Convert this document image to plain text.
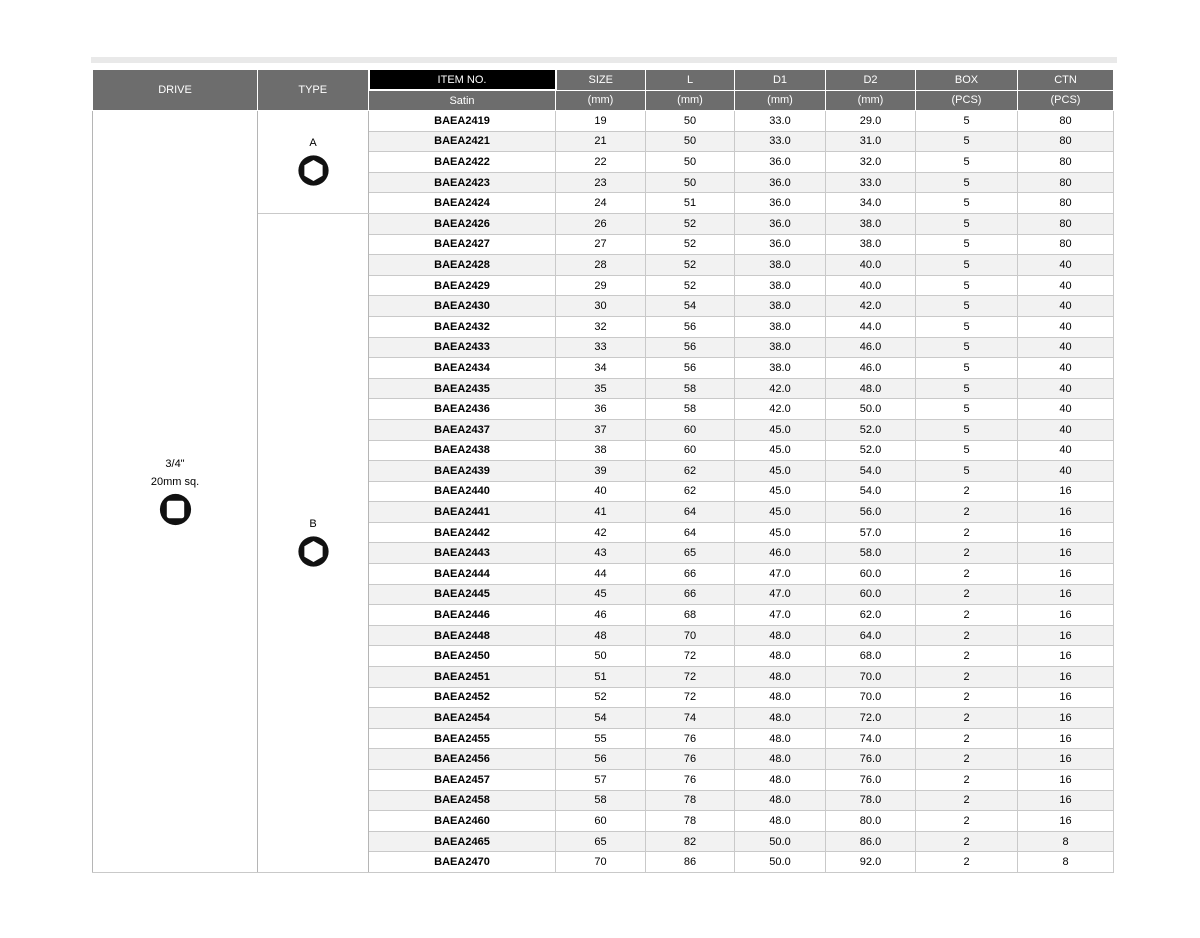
DRIVE	TYPE	ITEM NO.	SIZE	L	D1	D2	BOX	CTN
		Satin	(mm)	(mm)	(mm)	(mm)	(PCS)	(PCS)

3/4"
20mm sq.	A	BAEA2419	19	50	33.0	29.0	5	80
		BAEA2421	21	50	33.0	31.0	5	80
		BAEA2422	22	50	36.0	32.0	5	80
		BAEA2423	23	50	36.0	33.0	5	80
		BAEA2424	24	51	36.0	34.0	5	80

	B	BAEA2426	26	52	36.0	38.0	5	80
		BAEA2427	27	52	36.0	38.0	5	80
		BAEA2428	28	52	38.0	40.0	5	40
		BAEA2429	29	52	38.0	40.0	5	40
		BAEA2430	30	54	38.0	42.0	5	40
		BAEA2432	32	56	38.0	44.0	5	40
		BAEA2433	33	56	38.0	46.0	5	40
		BAEA2434	34	56	38.0	46.0	5	40
		BAEA2435	35	58	42.0	48.0	5	40
		BAEA2436	36	58	42.0	50.0	5	40
		BAEA2437	37	60	45.0	52.0	5	40
		BAEA2438	38	60	45.0	52.0	5	40
		BAEA2439	39	62	45.0	54.0	5	40
		BAEA2440	40	62	45.0	54.0	2	16
		BAEA2441	41	64	45.0	56.0	2	16
		BAEA2442	42	64	45.0	57.0	2	16
		BAEA2443	43	65	46.0	58.0	2	16
		BAEA2444	44	66	47.0	60.0	2	16
		BAEA2445	45	66	47.0	60.0	2	16
		BAEA2446	46	68	47.0	62.0	2	16
		BAEA2448	48	70	48.0	64.0	2	16
		BAEA2450	50	72	48.0	68.0	2	16
		BAEA2451	51	72	48.0	70.0	2	16
		BAEA2452	52	72	48.0	70.0	2	16
		BAEA2454	54	74	48.0	72.0	2	16
		BAEA2455	55	76	48.0	74.0	2	16
		BAEA2456	56	76	48.0	76.0	2	16
		BAEA2457	57	76	48.0	76.0	2	16
		BAEA2458	58	78	48.0	78.0	2	16
		BAEA2460	60	78	48.0	80.0	2	16
		BAEA2465	65	82	50.0	86.0	2	8
		BAEA2470	70	86	50.0	92.0	2	8
